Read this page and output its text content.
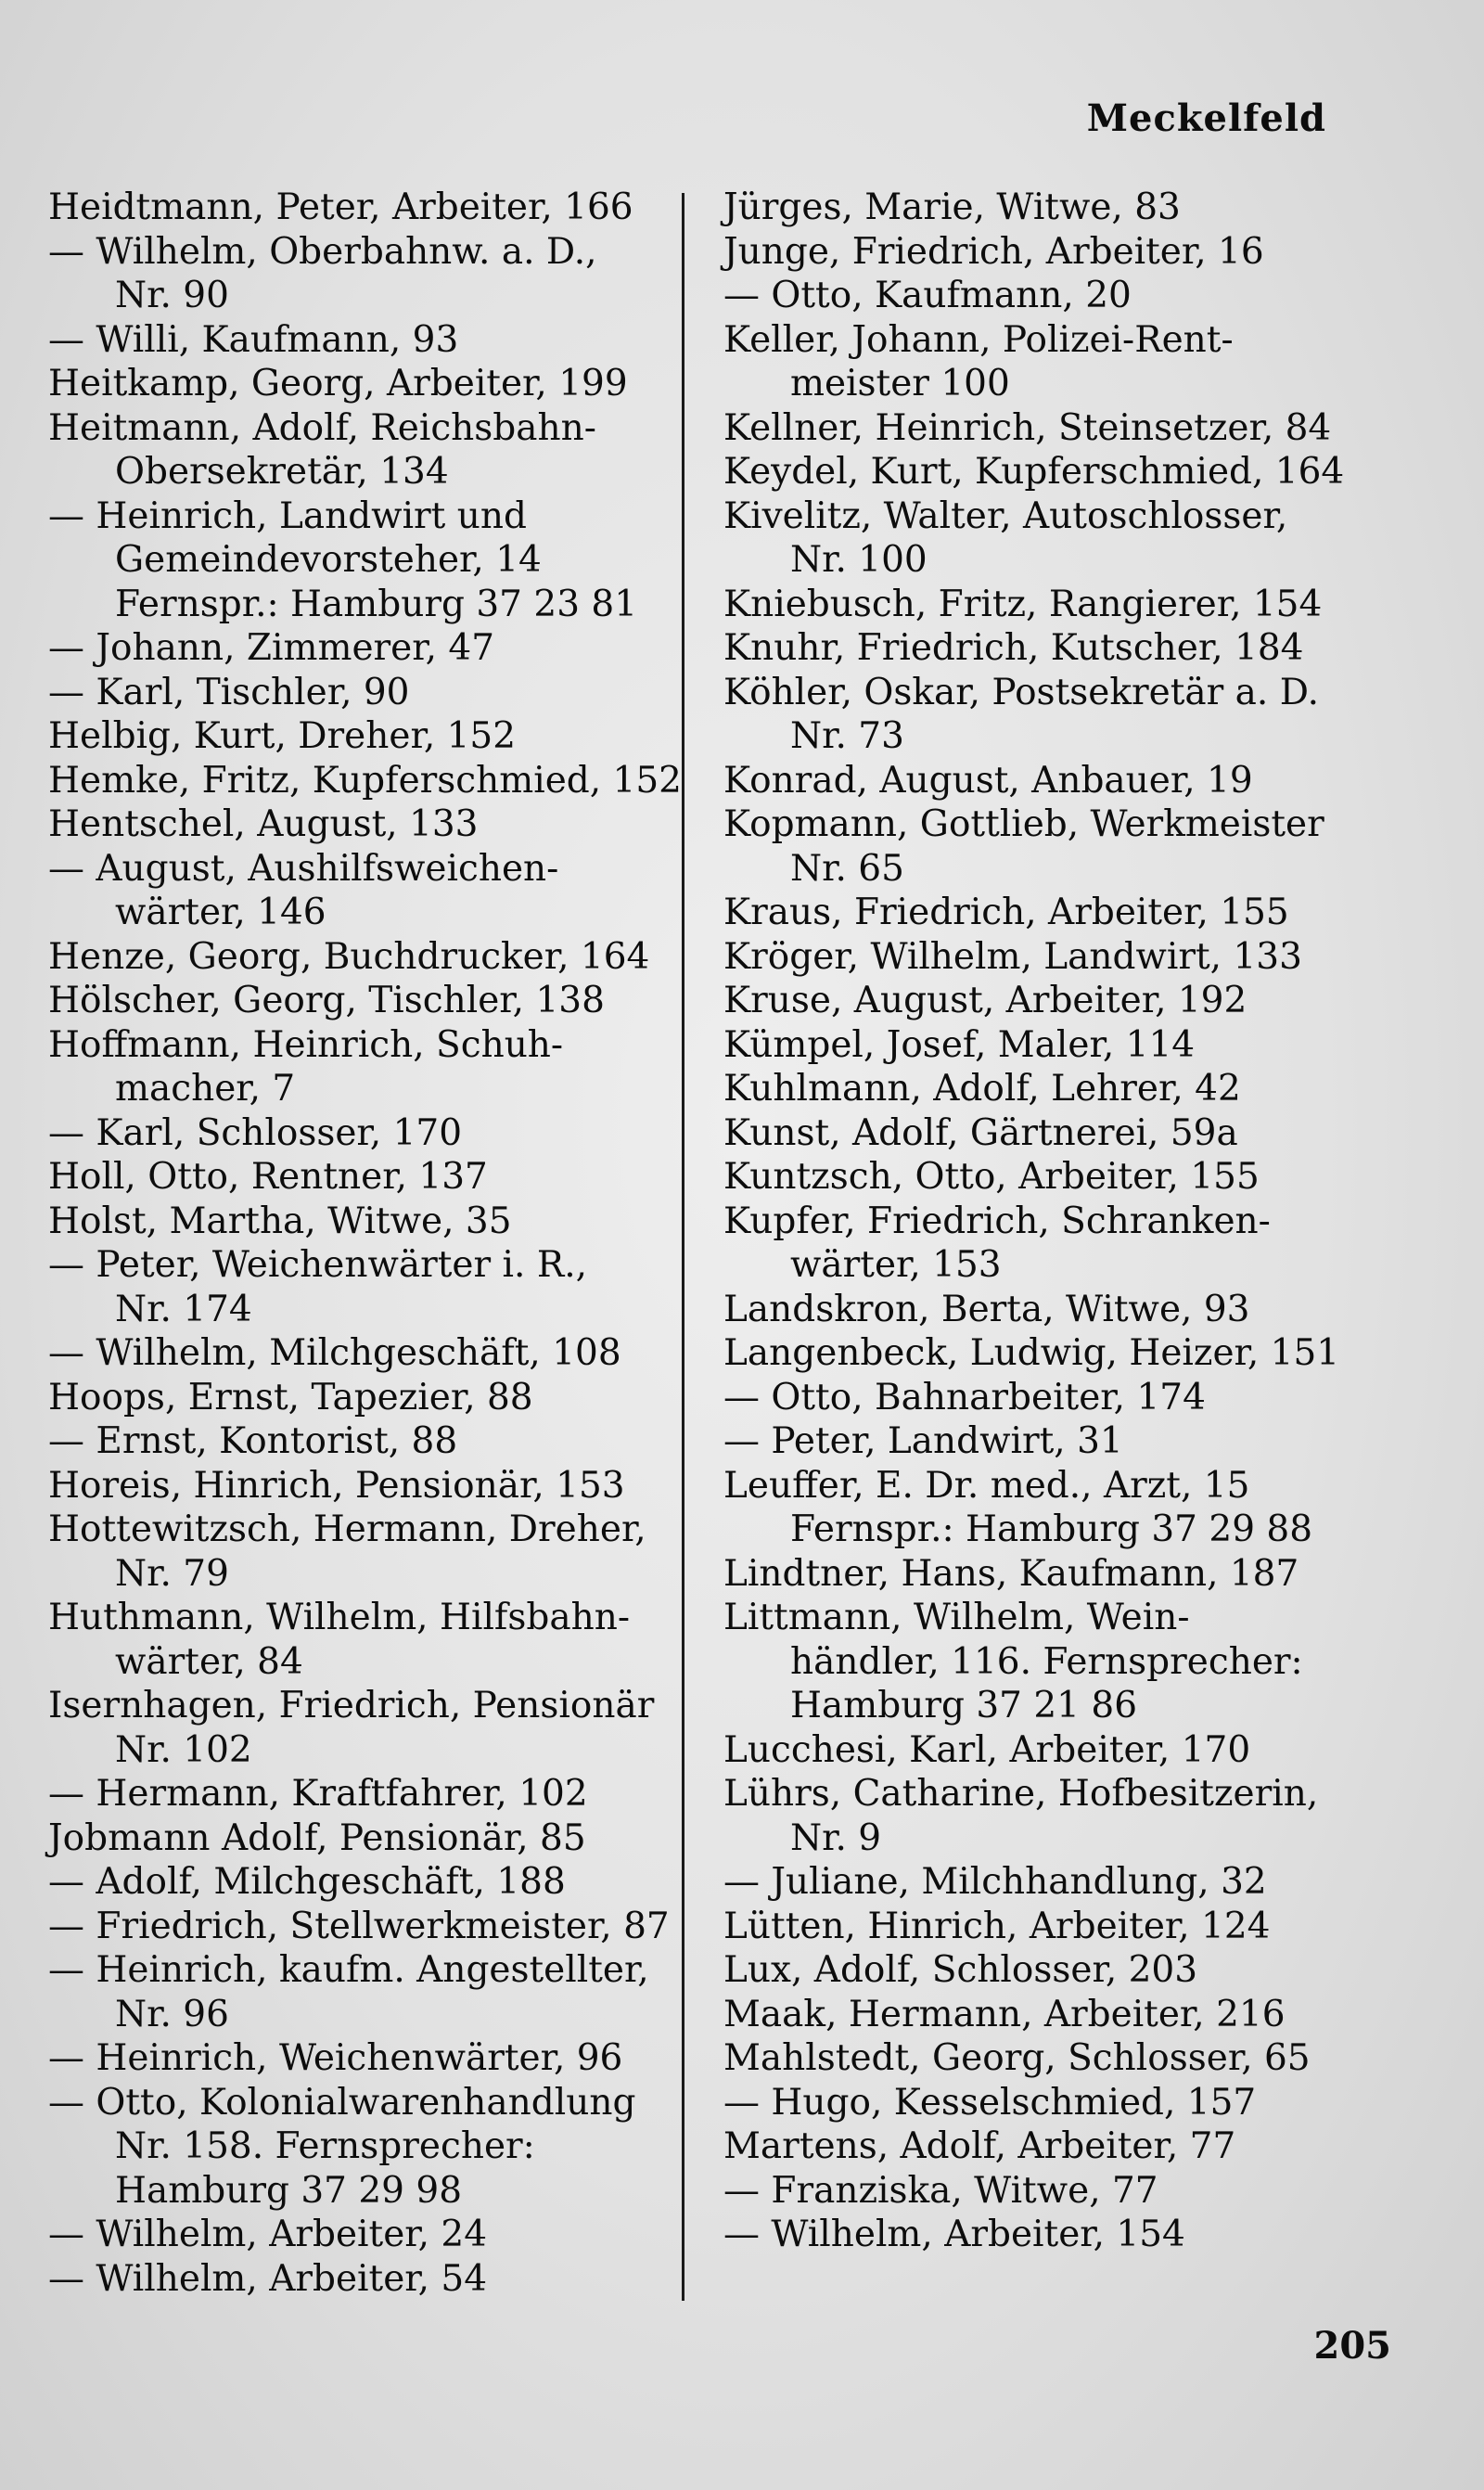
Meckelfeld
Heidtmann, Peter, Arbeiter, 166
— Wilhelm, Oberbahnw. a. D.,
Nr. 90
— Willi, Kaufmann, 93
Heitkamp, Georg, Arbeiter, 199
Heitmann, Adolf, Reichsbahn-
Obersekretär, 134
— Heinrich, Landwirt und
Gemeindevorsteher, 14
Fernspr.: Hamburg 37 23 81
— Johann, Zimmerer, 47
— Karl, Tischler, 90
Helbig, Kurt, Dreher, 152
Hemke, Fritz, Kupferschmied, 152
Hentschel, August, 133
— August, Aushilfsweichen-
wärter, 146
Henze, Georg, Buchdrucker, 164
Hölscher, Georg, Tischler, 138
Hoffmann, Heinrich, Schuh-
macher, 7
— Karl, Schlosser, 170
Holl, Otto, Rentner, 137
Holst, Martha, Witwe, 35
— Peter, Weichenwärter i. R.,
Nr. 174
— Wilhelm, Milchgeschäft, 108
Hoops, Ernst, Tapezier, 88
— Ernst, Kontorist, 88
Horeis, Hinrich, Pensionär, 153
Hottewitzsch, Hermann, Dreher,
Nr. 79
Huthmann, Wilhelm, Hilfsbahn-
wärter, 84
Isernhagen, Friedrich, Pensionär
Nr. 102
— Hermann, Kraftfahrer, 102
Jobmann Adolf, Pensionär, 85
— Adolf, Milchgeschäft, 188
— Friedrich, Stellwerkmeister, 87
— Heinrich, kaufm. Angestellter,
Nr. 96
— Heinrich, Weichenwärter, 96
— Otto, Kolonialwarenhandlung
Nr. 158. Fernsprecher:
Hamburg 37 29 98
— Wilhelm, Arbeiter, 24
— Wilhelm, Arbeiter, 54
Jürges, Marie, Witwe, 83
Junge, Friedrich, Arbeiter, 16
— Otto, Kaufmann, 20
Keller, Johann, Polizei-Rent-
meister 100
Kellner, Heinrich, Steinsetzer, 84
Keydel, Kurt, Kupferschmied, 164
Kivelitz, Walter, Autoschlosser,
Nr. 100
Kniebusch, Fritz, Rangierer, 154
Knuhr, Friedrich, Kutscher, 184
Köhler, Oskar, Postsekretär a. D.
Nr. 73
Konrad, August, Anbauer, 19
Kopmann, Gottlieb, Werkmeister
Nr. 65
Kraus, Friedrich, Arbeiter, 155
Kröger, Wilhelm, Landwirt, 133
Kruse, August, Arbeiter, 192
Kümpel, Josef, Maler, 114
Kuhlmann, Adolf, Lehrer, 42
Kunst, Adolf, Gärtnerei, 59a
Kuntzsch, Otto, Arbeiter, 155
Kupfer, Friedrich, Schranken-
wärter, 153
Landskron, Berta, Witwe, 93
Langenbeck, Ludwig, Heizer, 151
— Otto, Bahnarbeiter, 174
— Peter, Landwirt, 31
Leuffer, E. Dr. med., Arzt, 15
Fernspr.: Hamburg 37 29 88
Lindtner, Hans, Kaufmann, 187
Littmann, Wilhelm, Wein-
händler, 116. Fernsprecher:
Hamburg 37 21 86
Lucchesi, Karl, Arbeiter, 170
Lührs, Catharine, Hofbesitzerin,
Nr. 9
— Juliane, Milchhandlung, 32
Lütten, Hinrich, Arbeiter, 124
Lux, Adolf, Schlosser, 203
Maak, Hermann, Arbeiter, 216
Mahlstedt, Georg, Schlosser, 65
— Hugo, Kesselschmied, 157
Martens, Adolf, Arbeiter, 77
— Franziska, Witwe, 77
— Wilhelm, Arbeiter, 154
205
